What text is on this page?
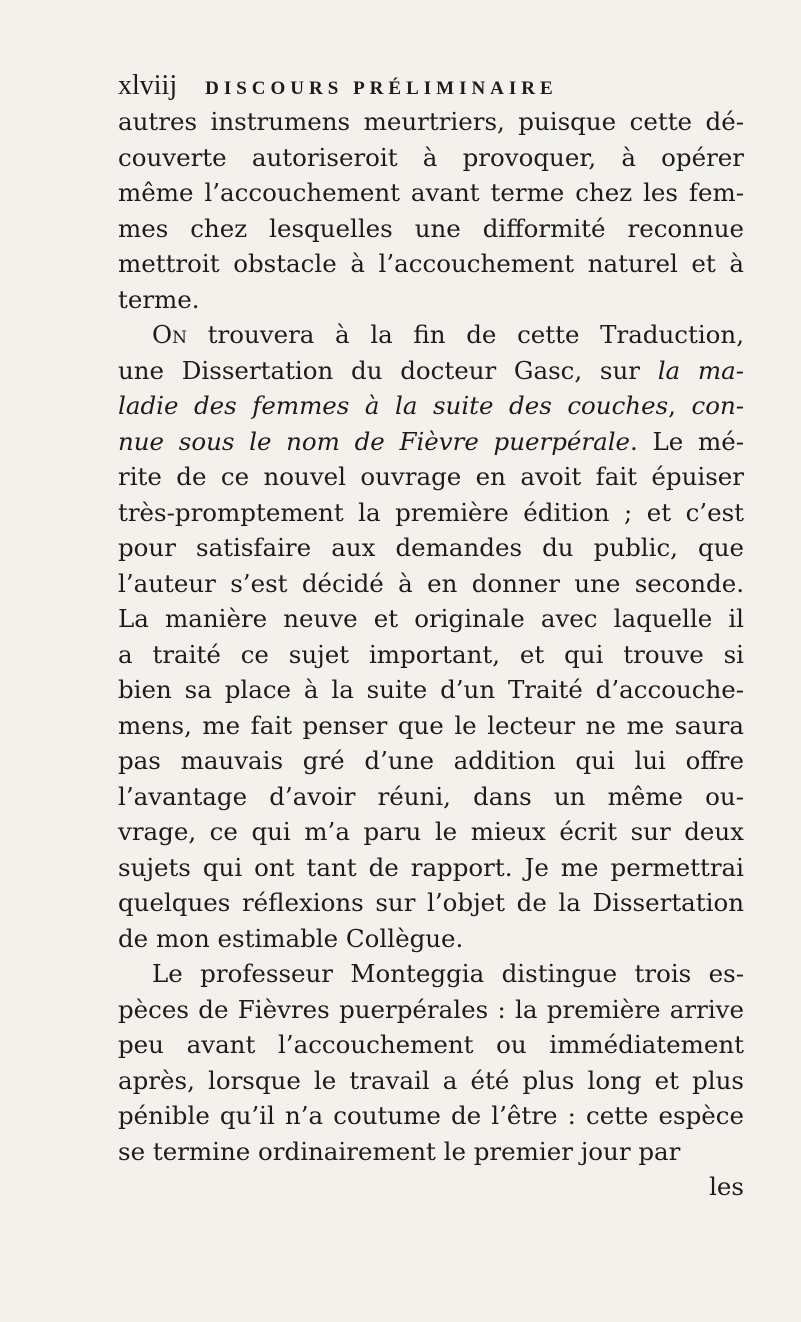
xlviij DISCOURS PRÉLIMINAIRE
autres instrumens meurtriers, puisque cette dé-
couverte autoriseroit à provoquer, à opérer
même l’accouchement avant terme chez les fem-
mes chez lesquelles une difformité reconnue
mettroit obstacle à l’accouchement naturel et à
terme.
On trouvera à la fin de cette Traduction,
une Dissertation du docteur Gasc, sur la ma-
ladie des femmes à la suite des couches, con-
nue sous le nom de Fièvre puerpérale. Le mé-
rite de ce nouvel ouvrage en avoit fait épuiser
très-promptement la première édition ; et c’est
pour satisfaire aux demandes du public, que
l’auteur s’est décidé à en donner une seconde.
La manière neuve et originale avec laquelle il
a traité ce sujet important, et qui trouve si
bien sa place à la suite d’un Traité d’accouche-
mens, me fait penser que le lecteur ne me saura
pas mauvais gré d’une addition qui lui offre
l’avantage d’avoir réuni, dans un même ou-
vrage, ce qui m’a paru le mieux écrit sur deux
sujets qui ont tant de rapport. Je me permettrai
quelques réflexions sur l’objet de la Dissertation
de mon estimable Collègue.
Le professeur Monteggia distingue trois es-
pèces de Fièvres puerpérales : la première arrive
peu avant l’accouchement ou immédiatement
après, lorsque le travail a été plus long et plus
pénible qu’il n’a coutume de l’être : cette espèce
se termine ordinairement le premier jour par
les
